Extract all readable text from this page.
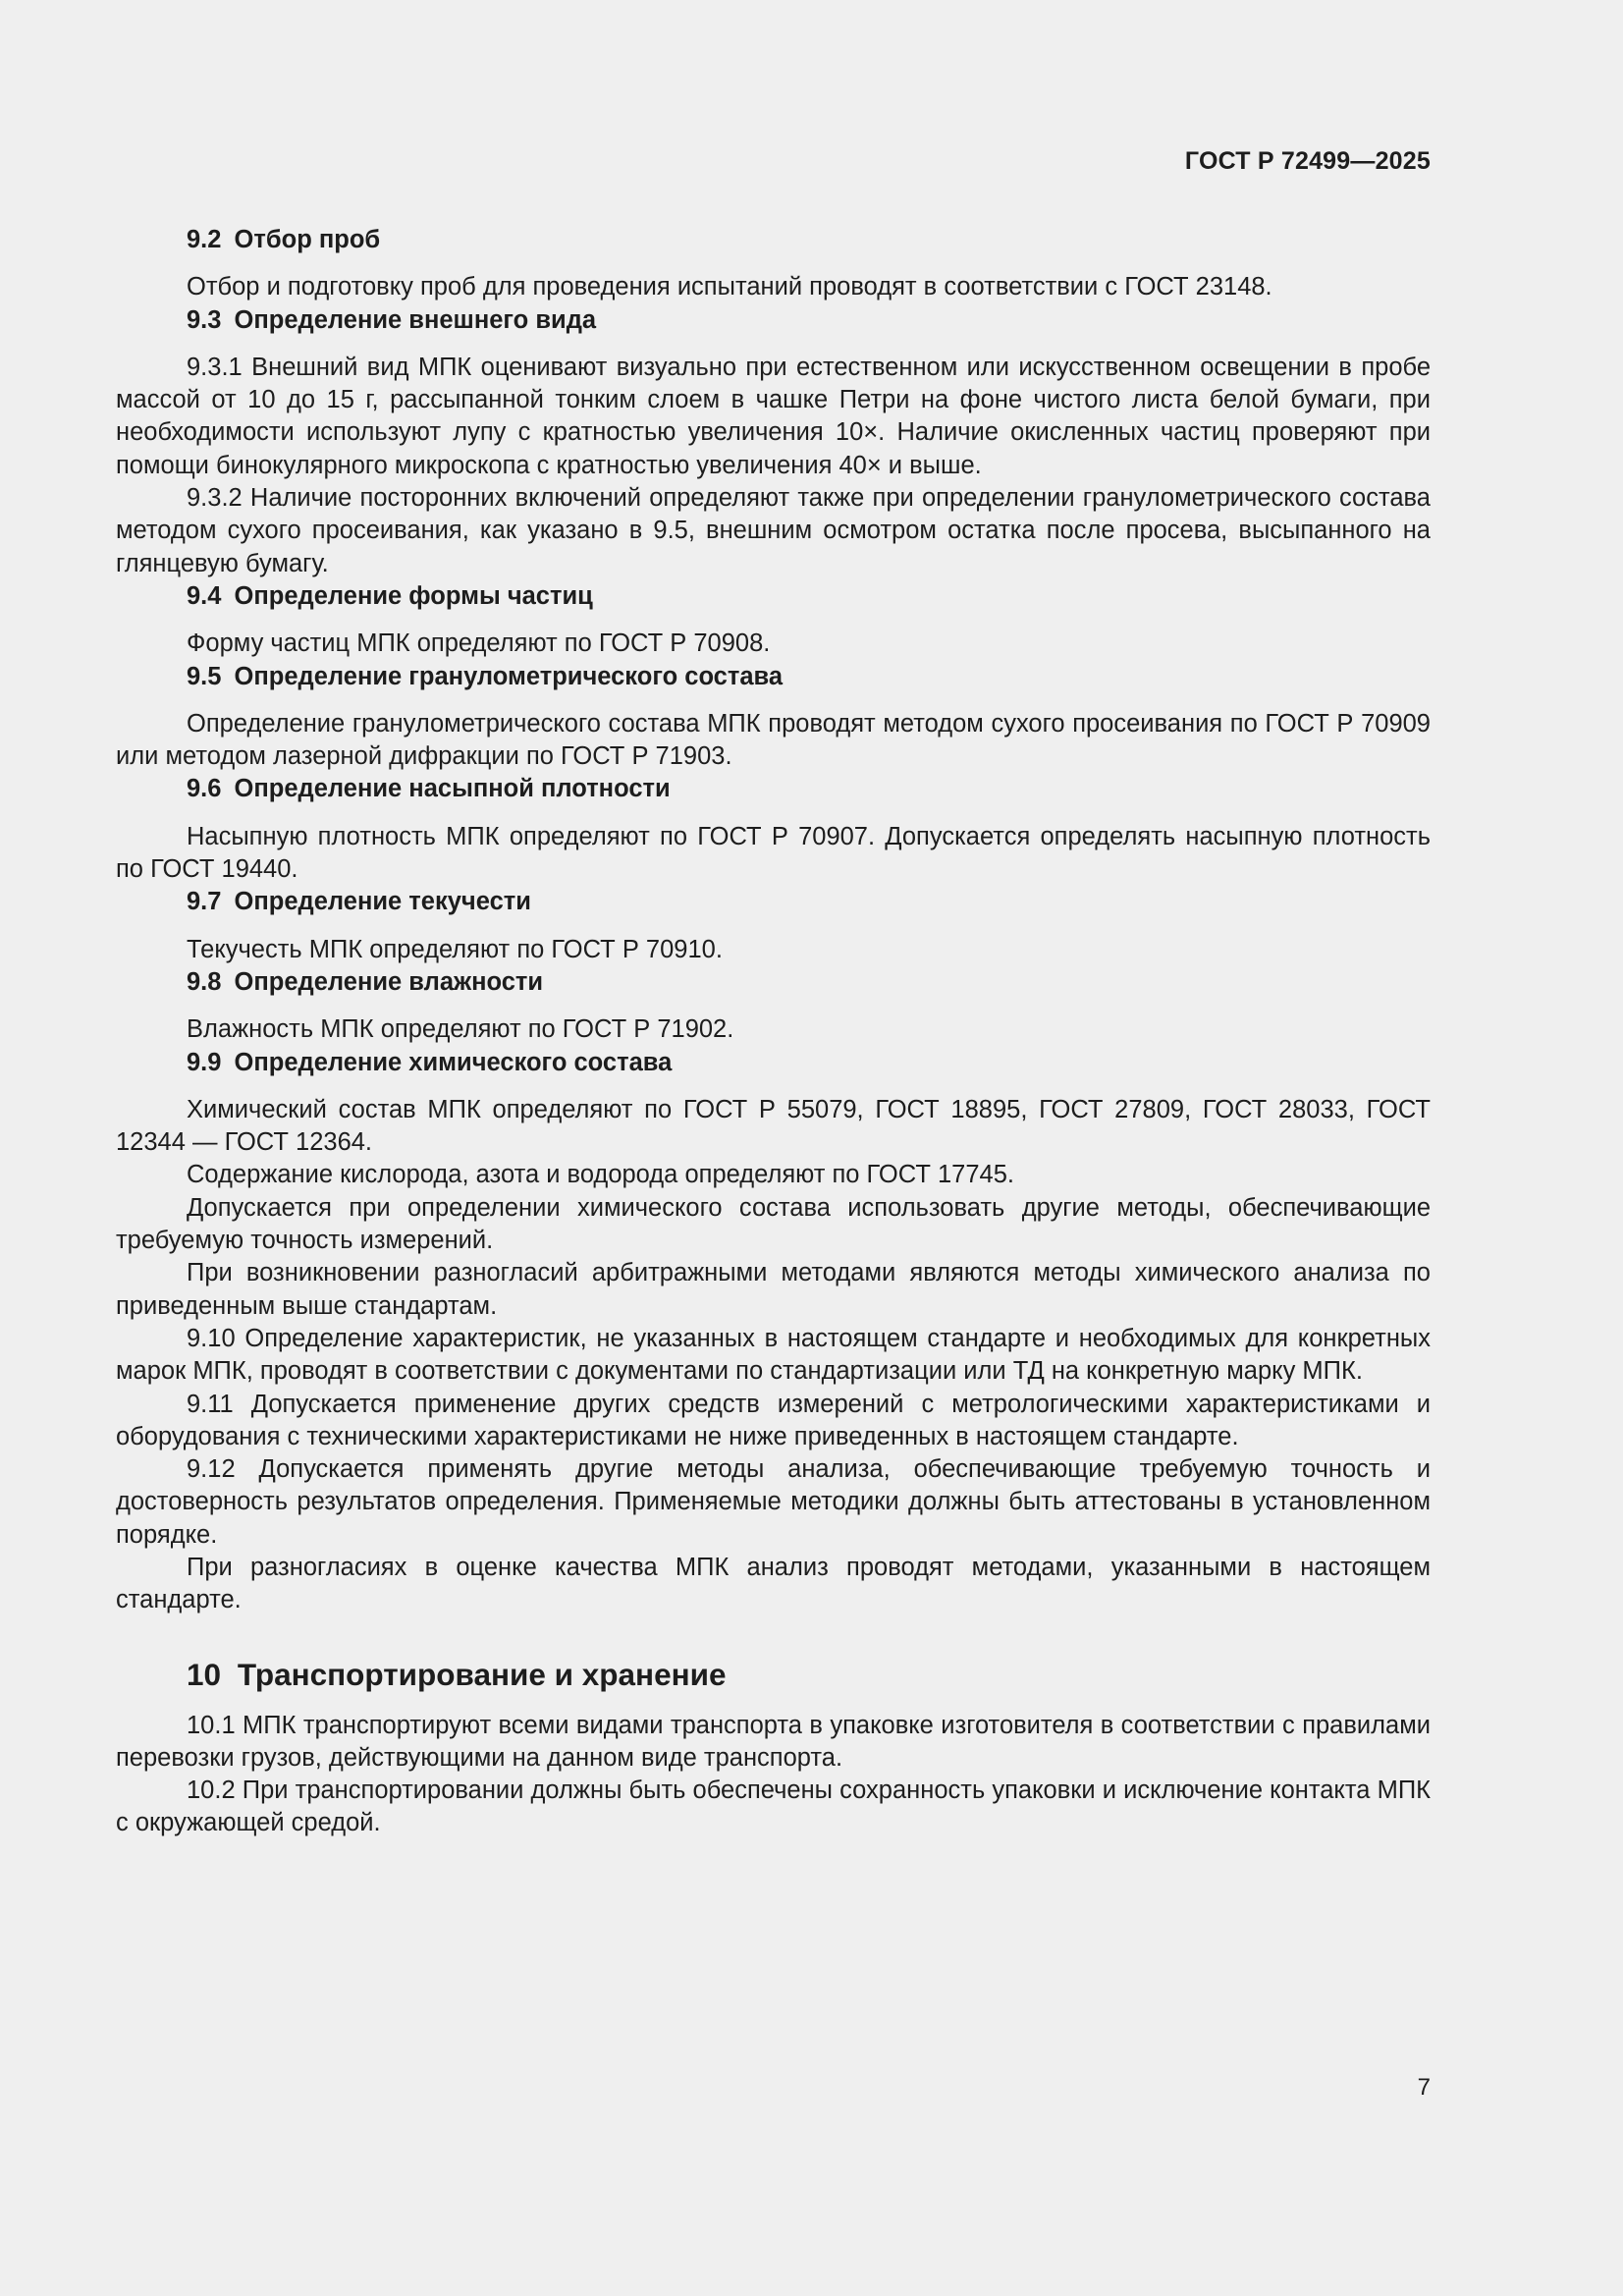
ГОСТ Р 72499—2025
9.2 Отбор проб

Отбор и подготовку проб для проведения испытаний проводят в соответствии с ГОСТ 23148.

9.3 Определение внешнего вида

9.3.1 Внешний вид МПК оценивают визуально при естественном или искусственном освещении в пробе массой от 10 до 15 г, рассыпанной тонким слоем в чашке Петри на фоне чистого листа белой бумаги, при необходимости используют лупу с кратностью увеличения 10×. Наличие окисленных частиц проверяют при помощи бинокулярного микроскопа с кратностью увеличения 40× и выше.

9.3.2 Наличие посторонних включений определяют также при определении гранулометрического состава методом сухого просеивания, как указано в 9.5, внешним осмотром остатка после просева, высыпанного на глянцевую бумагу.

9.4 Определение формы частиц

Форму частиц МПК определяют по ГОСТ Р 70908.

9.5 Определение гранулометрического состава

Определение гранулометрического состава МПК проводят методом сухого просеивания по ГОСТ Р 70909 или методом лазерной дифракции по ГОСТ Р 71903.

9.6 Определение насыпной плотности

Насыпную плотность МПК определяют по ГОСТ Р 70907. Допускается определять насыпную плотность по ГОСТ 19440.

9.7 Определение текучести

Текучесть МПК определяют по ГОСТ Р 70910.

9.8 Определение влажности

Влажность МПК определяют по ГОСТ Р 71902.

9.9 Определение химического состава

Химический состав МПК определяют по ГОСТ Р 55079, ГОСТ 18895, ГОСТ 27809, ГОСТ 28033, ГОСТ 12344 — ГОСТ 12364.

Содержание кислорода, азота и водорода определяют по ГОСТ 17745.

Допускается при определении химического состава использовать другие методы, обеспечивающие требуемую точность измерений.

При возникновении разногласий арбитражными методами являются методы химического анализа по приведенным выше стандартам.

9.10 Определение характеристик, не указанных в настоящем стандарте и необходимых для конкретных марок МПК, проводят в соответствии с документами по стандартизации или ТД на конкретную марку МПК.

9.11 Допускается применение других средств измерений с метрологическими характеристиками и оборудования с техническими характеристиками не ниже приведенных в настоящем стандарте.

9.12 Допускается применять другие методы анализа, обеспечивающие требуемую точность и достоверность результатов определения. Применяемые методики должны быть аттестованы в установленном порядке.

При разногласиях в оценке качества МПК анализ проводят методами, указанными в настоящем стандарте.

10 Транспортирование и хранение

10.1 МПК транспортируют всеми видами транспорта в упаковке изготовителя в соответствии с правилами перевозки грузов, действующими на данном виде транспорта.

10.2 При транспортировании должны быть обеспечены сохранность упаковки и исключение контакта МПК с окружающей средой.

7
